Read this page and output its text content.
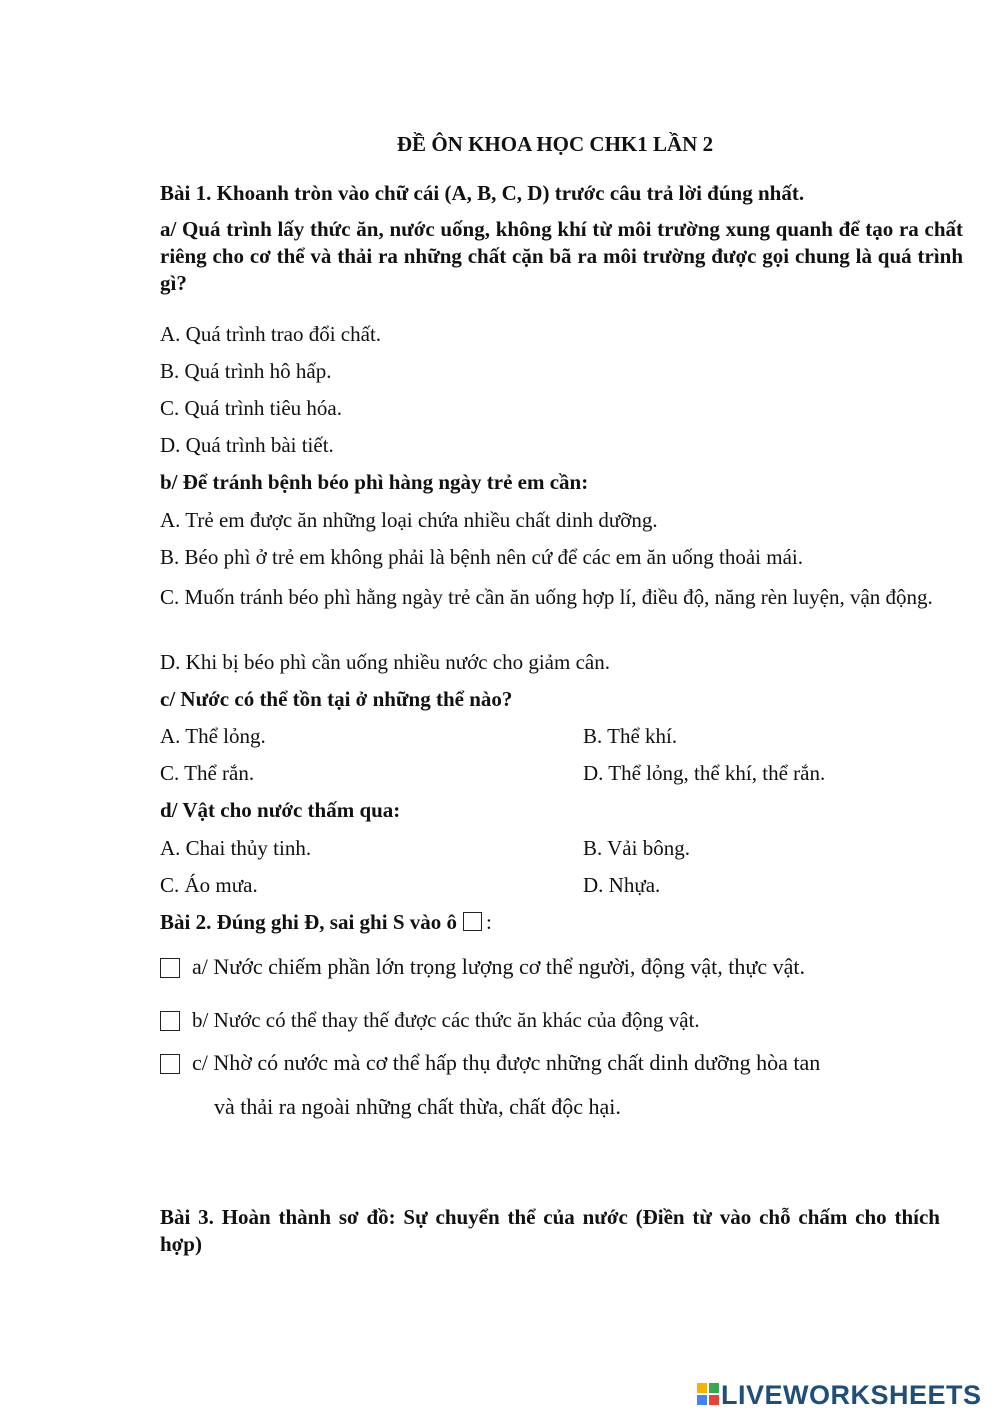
ĐỀ ÔN KHOA HỌC CHK1 LẦN 2
Bài 1. Khoanh tròn vào chữ cái (A, B, C, D) trước câu trả lời đúng nhất.
a/ Quá trình lấy thức ăn, nước uống, không khí từ môi trường xung quanh để tạo ra chất riêng cho cơ thể và thải ra những chất cặn bã ra môi trường được gọi chung là quá trình gì?
A. Quá trình trao đổi chất.
B. Quá trình hô hấp.
C. Quá trình tiêu hóa.
D. Quá trình bài tiết.
b/ Để tránh bệnh béo phì hàng ngày trẻ em cần:
A. Trẻ em được ăn những loại chứa nhiều chất dinh dưỡng.
B. Béo phì ở trẻ em không phải là bệnh nên cứ để các em ăn uống thoải mái.
C. Muốn tránh béo phì hằng ngày trẻ cần ăn uống hợp lí, điều độ, năng rèn luyện, vận động.
D. Khi bị béo phì cần uống nhiều nước cho giảm cân.
c/ Nước có thể tồn tại ở những thể nào?
A. Thể lỏng.	B. Thể khí.
C. Thể rắn.	D. Thể lỏng, thể khí, thể rắn.
d/ Vật cho nước thấm qua:
A. Chai thủy tinh.	B. Vải bông.
C. Áo mưa.	D. Nhựa.
Bài 2. Đúng ghi Đ, sai ghi S vào ô :
a/ Nước chiếm phần lớn trọng lượng cơ thể người, động vật, thực vật.
b/ Nước có thể thay thế được các thức ăn khác của động vật.
c/ Nhờ có nước mà cơ thể hấp thụ được những chất dinh dưỡng hòa tan
và thải ra ngoài những chất thừa, chất độc hại.
Bài 3. Hoàn thành sơ đồ: Sự chuyển thể của nước (Điền từ vào chỗ chấm cho thích hợp)
LIVEWORKSHEETS
